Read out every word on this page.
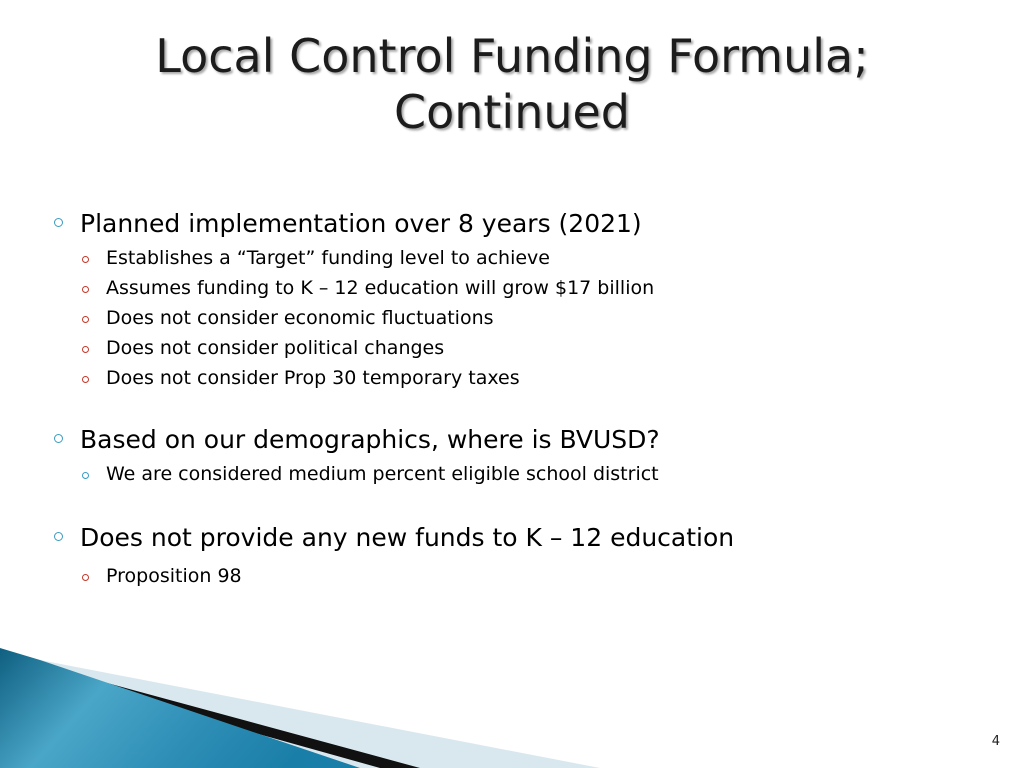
Local Control Funding Formula;
Continued
Planned implementation over 8 years (2021)
Establishes a “Target” funding level to achieve
Assumes funding to K – 12 education will grow $17 billion
Does not consider economic fluctuations
Does not consider political changes
Does not consider Prop 30 temporary taxes
Based on our demographics, where is BVUSD?
We are considered medium percent eligible school district
Does not provide any new funds to K – 12 education
Proposition 98
4
